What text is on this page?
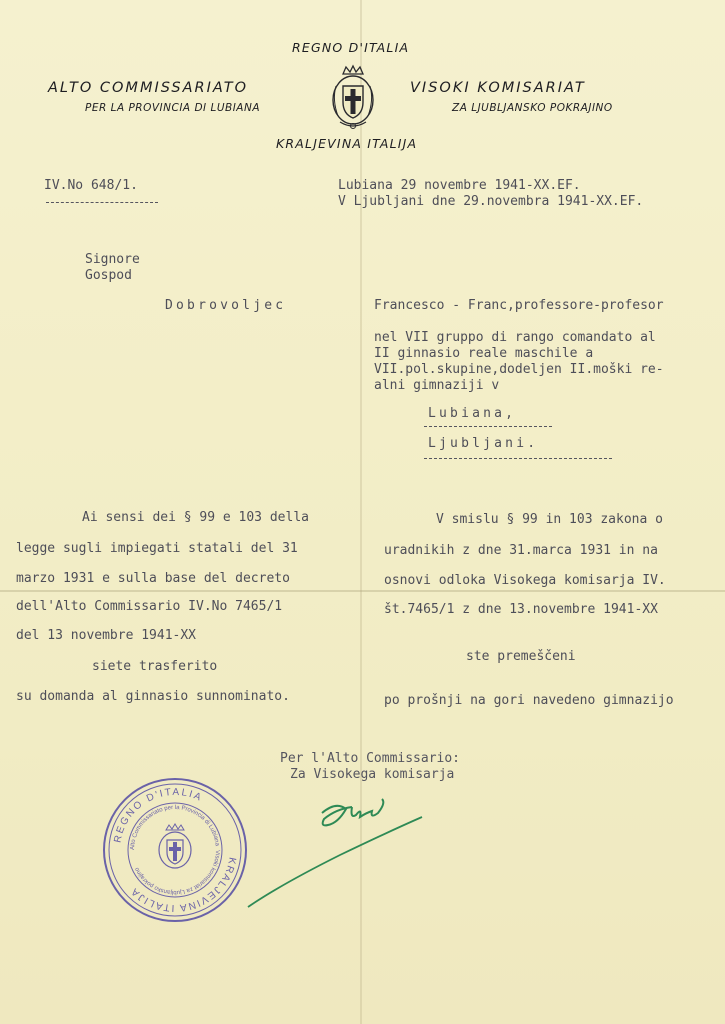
REGNO D'ITALIA
ALTO COMMISSARIATO
PER LA PROVINCIA DI LUBIANA
VISOKI KOMISARIAT
ZA LJUBLJANSKO POKRAJINO
KRALJEVINA ITALIJA
IV.No 648/1.	Lubiana 29 novembre 1941-XX.EF.
V Ljubljani dne 29.novembra 1941-XX.EF.
Signore
Gospod
Dobrovoljec	Francesco - Franc,professore-profesor
nel VII gruppo di rango comandato al
II ginnasio reale maschile a
VII.pol.skupine,dodeljen II.moški re-
alni gimnaziji v
Lubiana,
Ljubljani.
Ai sensi dei § 99 e 103 della
legge sugli impiegati statali del 31
marzo 1931 e sulla base del decreto
dell'Alto Commissario IV.No 7465/1
del 13 novembre 1941-XX
siete trasferito
su domanda al ginnasio sunnominato.
V smislu § 99 in 103 zakona o
uradnikih z dne 31.marca 1931 in na
osnovi odloka Visokega komisarja IV.
št.7465/1 z dne 13.novembre 1941-XX
ste premeščeni
po prošnji na gori navedeno gimnazijo
Per l'Alto Commissario:
Za Visokega komisarja
REGNO D'ITALIA
KRALJEVINA ITALIJA
Alto Commissariato per la Provincia di Lubiana
Visoki komisariat za Ljubljansko pokrajino
